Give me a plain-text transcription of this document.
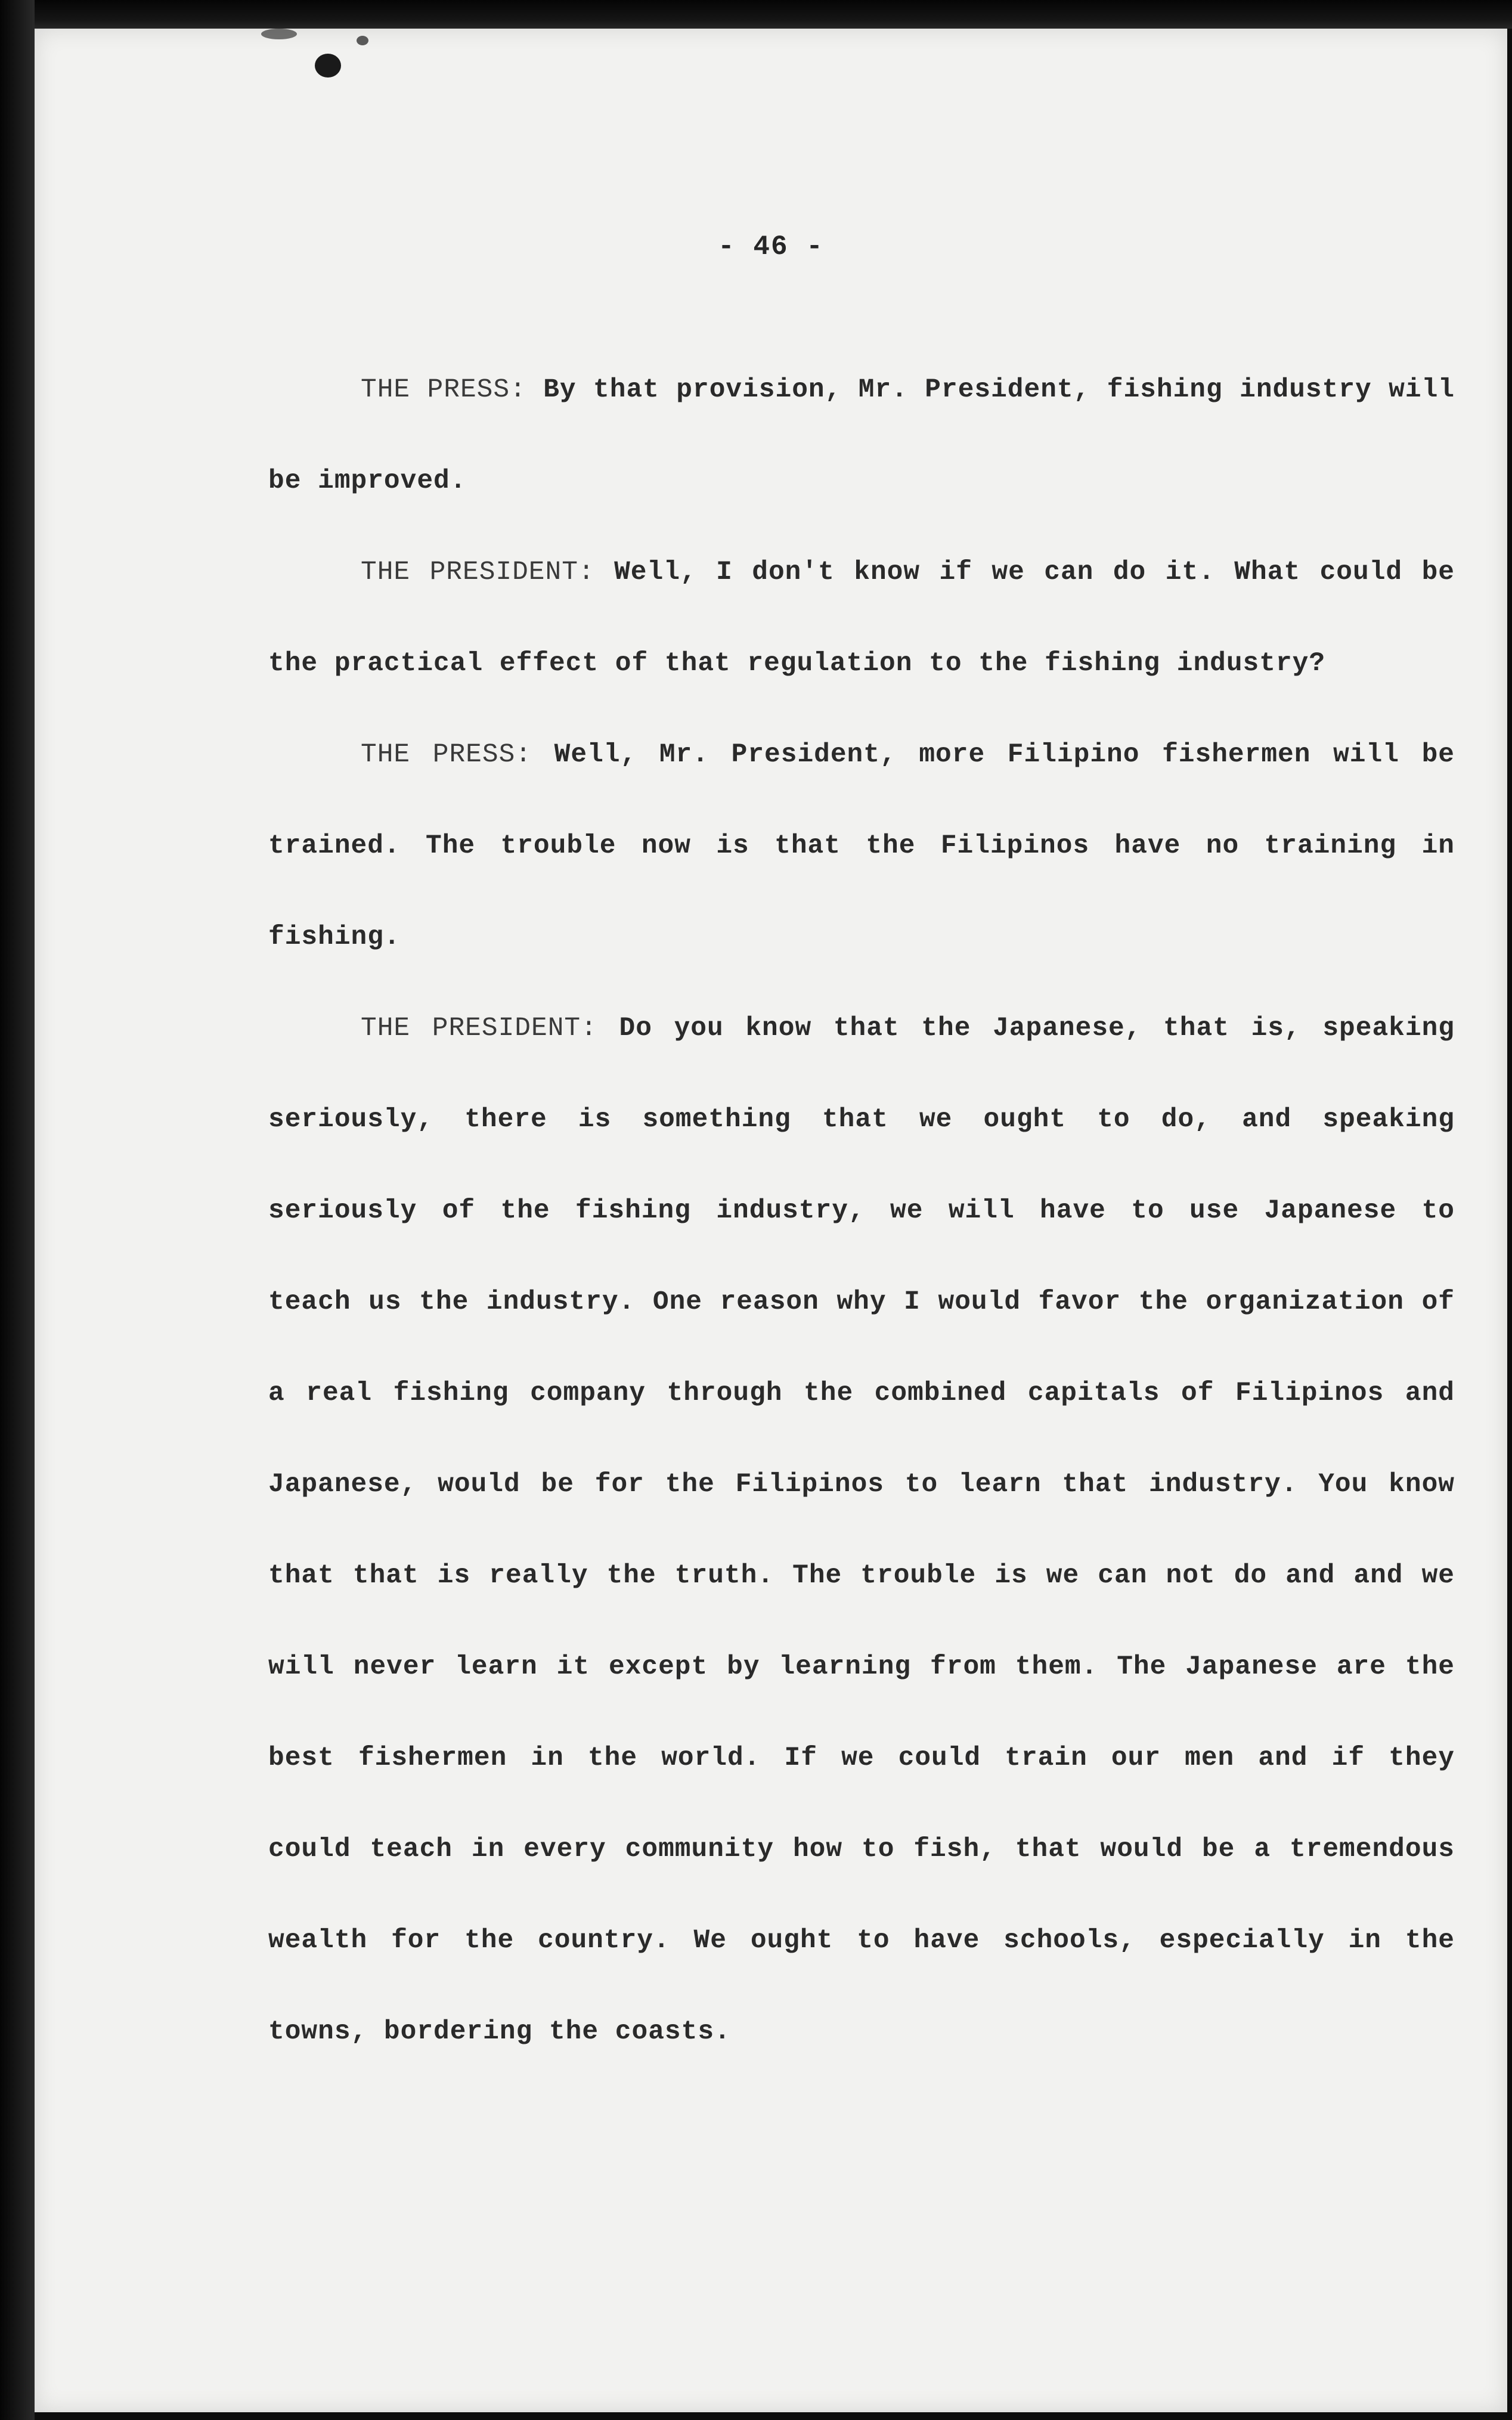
- 46 -

THE PRESS: By that provision, Mr. President, fishing industry will be improved.

THE PRESIDENT: Well, I don't know if we can do it. What could be the practical effect of that regulation to the fishing industry?

THE PRESS: Well, Mr. President, more Filipino fishermen will be trained. The trouble now is that the Filipinos have no training in fishing.

THE PRESIDENT: Do you know that the Japanese, that is, speaking seriously, there is something that we ought to do, and speaking seriously of the fishing industry, we will have to use Japanese to teach us the industry. One reason why I would favor the organization of a real fishing company through the combined capitals of Filipinos and Japanese, would be for the Filipinos to learn that industry. You know that that is really the truth. The trouble is we can not do and and we will never learn it except by learning from them. The Japanese are the best fishermen in the world. If we could train our men and if they could teach in every community how to fish, that would be a tremendous wealth for the country. We ought to have schools, especially in the towns, bordering the coasts.
